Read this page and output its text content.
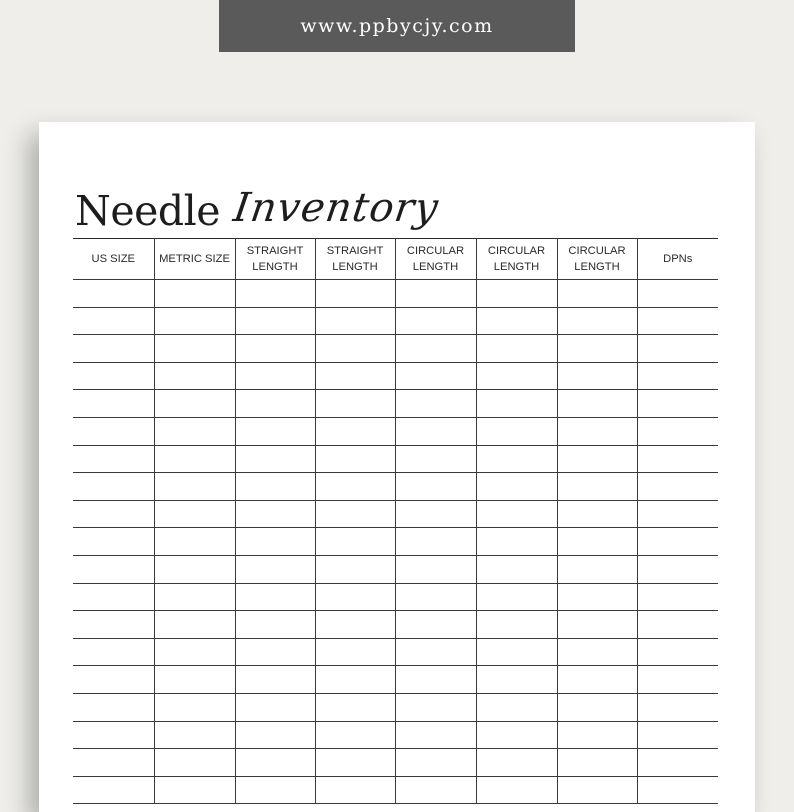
www.ppbycjy.com
Needle Inventory
US SIZE	METRIC SIZE	STRAIGHT LENGTH	STRAIGHT LENGTH	CIRCULAR LENGTH	CIRCULAR LENGTH	CIRCULAR LENGTH	DPNs
